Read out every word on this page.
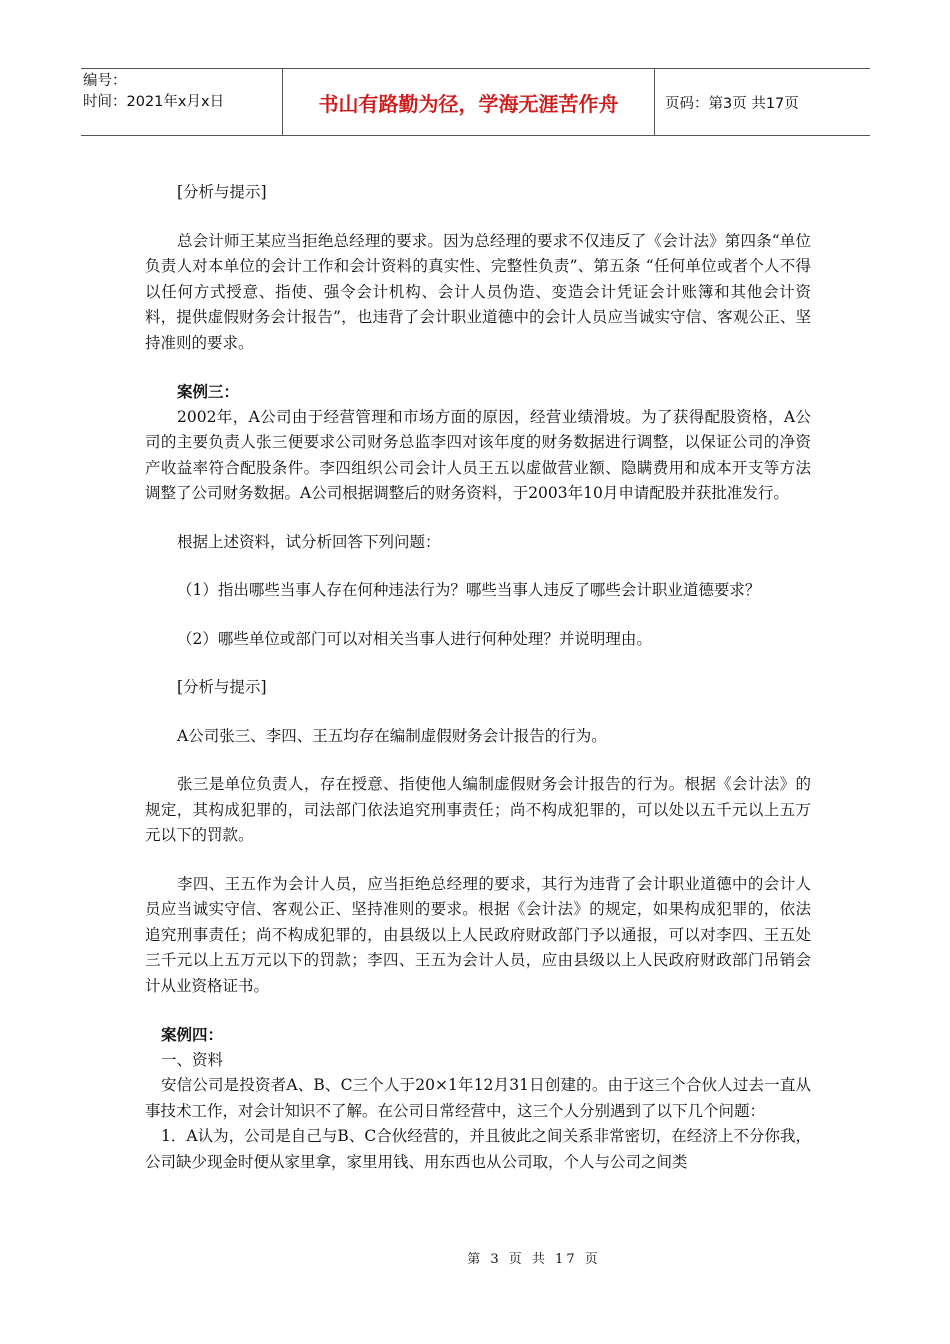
编号：
时间：2021年x月x日	书山有路勤为径，学海无涯苦作舟	页码：第3页 共17页

[分析与提示]

总会计师王某应当拒绝总经理的要求。因为总经理的要求不仅违反了《会计法》第四条“单位负责人对本单位的会计工作和会计资料的真实性、完整性负责”、第五条 “任何单位或者个人不得以任何方式授意、指使、强令会计机构、会计人员伪造、变造会计凭证会计账簿和其他会计资料，提供虚假财务会计报告”，也违背了会计职业道德中的会计人员应当诚实守信、客观公正、坚持准则的要求。

案例三：

2002年，A公司由于经营管理和市场方面的原因，经营业绩滑坡。为了获得配股资格，A公司的主要负责人张三便要求公司财务总监李四对该年度的财务数据进行调整，以保证公司的净资产收益率符合配股条件。李四组织公司会计人员王五以虚做营业额、隐瞒费用和成本开支等方法调整了公司财务数据。A公司根据调整后的财务资料，于2003年10月申请配股并获批准发行。

根据上述资料，试分析回答下列问题：

（1）指出哪些当事人存在何种违法行为？哪些当事人违反了哪些会计职业道德要求？

（2）哪些单位或部门可以对相关当事人进行何种处理？并说明理由。

[分析与提示]

A公司张三、李四、王五均存在编制虚假财务会计报告的行为。

张三是单位负责人，存在授意、指使他人编制虚假财务会计报告的行为。根据《会计法》的规定，其构成犯罪的，司法部门依法追究刑事责任；尚不构成犯罪的，可以处以五千元以上五万元以下的罚款。

李四、王五作为会计人员，应当拒绝总经理的要求，其行为违背了会计职业道德中的会计人员应当诚实守信、客观公正、坚持准则的要求。根据《会计法》的规定，如果构成犯罪的，依法追究刑事责任；尚不构成犯罪的，由县级以上人民政府财政部门予以通报，可以对李四、王五处三千元以上五万元以下的罚款；李四、王五为会计人员，应由县级以上人民政府财政部门吊销会计从业资格证书。

案例四：

一、资料

安信公司是投资者A、B、C三个人于20×1年12月31日创建的。由于这三个合伙人过去一直从事技术工作，对会计知识不了解。在公司日常经营中，这三个人分别遇到了以下几个问题：

1．A认为，公司是自己与B、C合伙经营的，并且彼此之间关系非常密切，在经济上不分你我，公司缺少现金时便从家里拿，家里用钱、用东西也从公司取，个人与公司之间类

第 3 页 共 17 页
